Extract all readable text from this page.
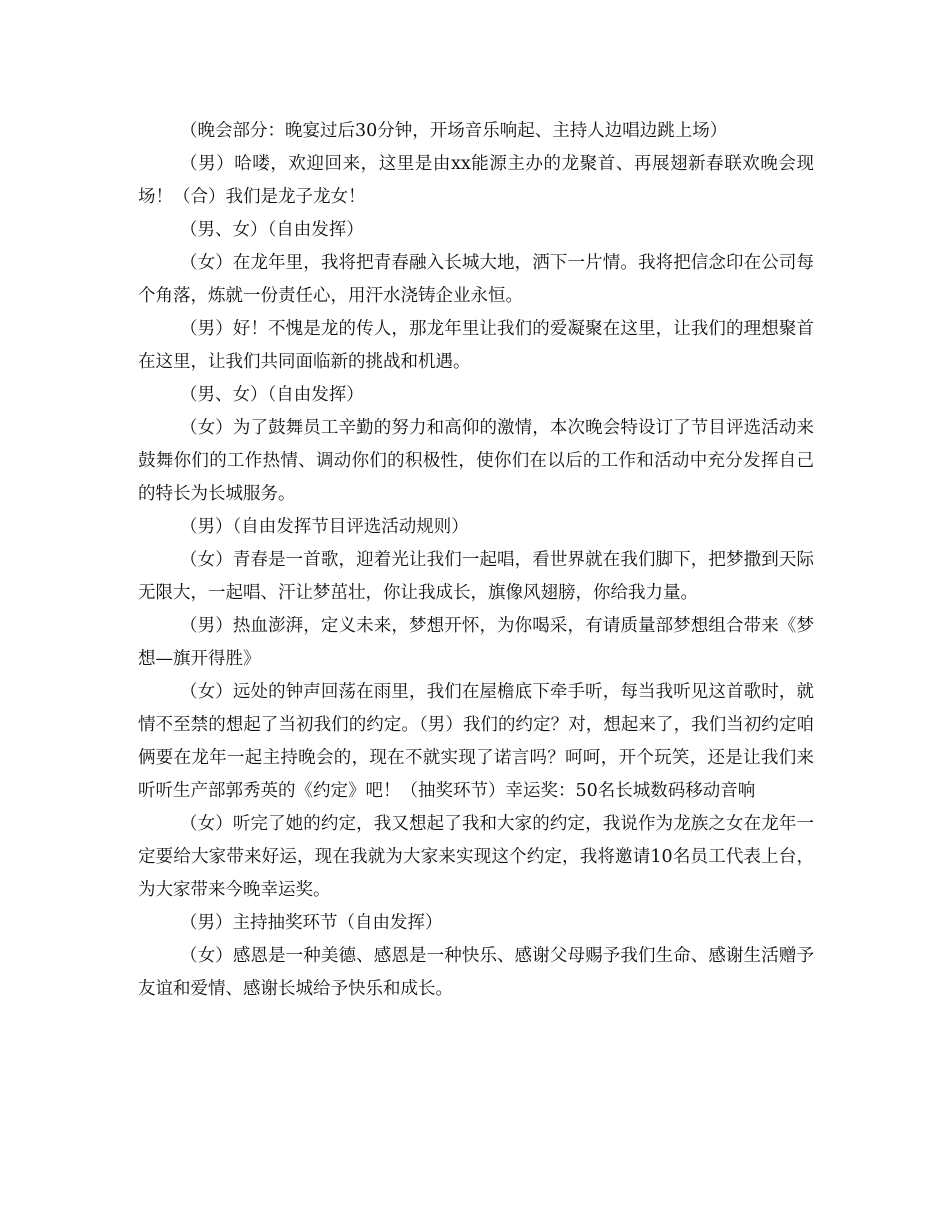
（晚会部分：晚宴过后30分钟，开场音乐响起、主持人边唱边跳上场）

（男）哈喽，欢迎回来，这里是由xx能源主办的龙聚首、再展翅新春联欢晚会现场！（合）我们是龙子龙女！

（男、女）（自由发挥）

（女）在龙年里，我将把青春融入长城大地，洒下一片情。我将把信念印在公司每个角落，炼就一份责任心，用汗水浇铸企业永恒。

（男）好！不愧是龙的传人，那龙年里让我们的爱凝聚在这里，让我们的理想聚首在这里，让我们共同面临新的挑战和机遇。

（男、女）（自由发挥）

（女）为了鼓舞员工辛勤的努力和高仰的激情，本次晚会特设订了节目评选活动来鼓舞你们的工作热情、调动你们的积极性，使你们在以后的工作和活动中充分发挥自己的特长为长城服务。

（男）（自由发挥节目评选活动规则）

（女）青春是一首歌，迎着光让我们一起唱，看世界就在我们脚下，把梦撒到天际无限大，一起唱、汗让梦茁壮，你让我成长，旗像风翅膀，你给我力量。

（男）热血澎湃，定义未来，梦想开怀，为你喝采，有请质量部梦想组合带来《梦想—旗开得胜》

（女）远处的钟声回荡在雨里，我们在屋檐底下牵手听，每当我听见这首歌时，就情不至禁的想起了当初我们的约定。（男）我们的约定？对，想起来了，我们当初约定咱俩要在龙年一起主持晚会的，现在不就实现了诺言吗？呵呵，开个玩笑，还是让我们来听听生产部郭秀英的《约定》吧！（抽奖环节）幸运奖：50名长城数码移动音响

（女）听完了她的约定，我又想起了我和大家的约定，我说作为龙族之女在龙年一定要给大家带来好运，现在我就为大家来实现这个约定，我将邀请10名员工代表上台，为大家带来今晚幸运奖。

（男）主持抽奖环节（自由发挥）

（女）感恩是一种美德、感恩是一种快乐、感谢父母赐予我们生命、感谢生活赠予友谊和爱情、感谢长城给予快乐和成长。
